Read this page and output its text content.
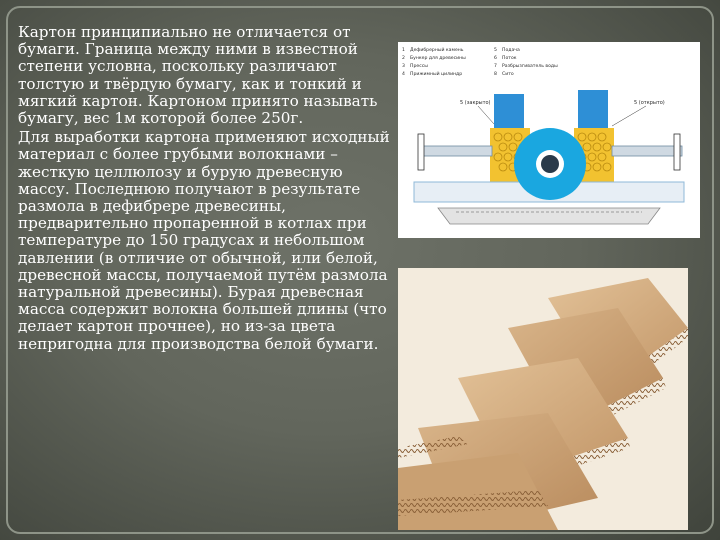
Картон принципиально не отличается от бумаги. Граница между ними в известной степени условна, поскольку различают толстую и твёрдую бумагу, как и тонкий и мягкий картон. Картоном принято называть бумагу, вес 1м которой более 250г.

Для выработки картона применяют исходный материал с более грубыми волокнами – жесткую целлюлозу и бурую древесную массу. Последнюю получают в результате размола в дефибрере древесины, предварительно пропаренной в котлах при температуре до 150 градусах и небольшом давлении (в отличие от обычной, или белой, древесной массы, получаемой путём размола натуральной древесины). Бурая древесная масса содержит волокна большей длины (что делает картон прочнее), но из-за цвета непригодна для производства белой бумаги.

1 Дефибрерный камень
2 Бункер для древесины
3 Прессы
4 Прижимный цилиндр
5 Подача
6 Поток
7 Разбрызгиватель воды
8 Сито
5 (закрыто)	5 (открыто)
